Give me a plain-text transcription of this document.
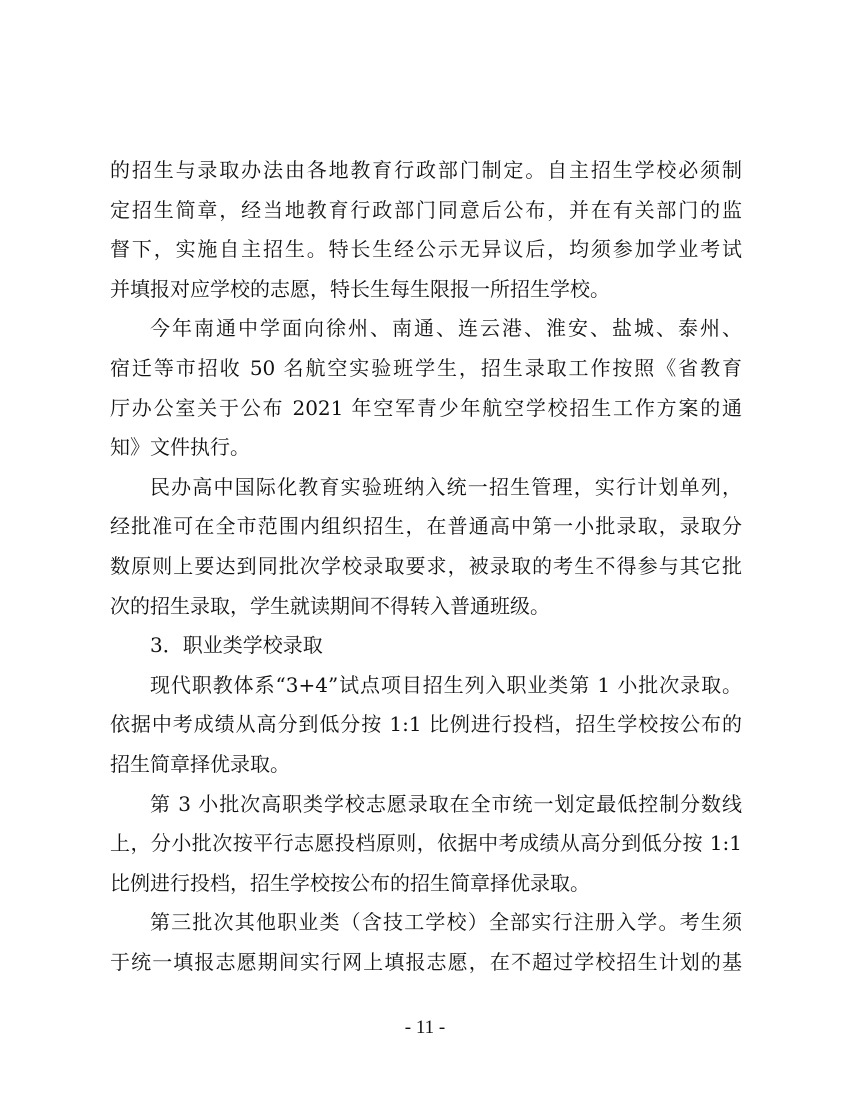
的招生与录取办法由各地教育行政部门制定。自主招生学校必须制
定招生简章，经当地教育行政部门同意后公布，并在有关部门的监
督下，实施自主招生。特长生经公示无异议后，均须参加学业考试
并填报对应学校的志愿，特长生每生限报一所招生学校。
今年南通中学面向徐州、南通、连云港、淮安、盐城、泰州、
宿迁等市招收 50 名航空实验班学生，招生录取工作按照《省教育
厅办公室关于公布 2021 年空军青少年航空学校招生工作方案的通
知》文件执行。
民办高中国际化教育实验班纳入统一招生管理，实行计划单列，
经批准可在全市范围内组织招生，在普通高中第一小批录取，录取分
数原则上要达到同批次学校录取要求，被录取的考生不得参与其它批
次的招生录取，学生就读期间不得转入普通班级。
3．职业类学校录取
现代职教体系“3+4”试点项目招生列入职业类第 1 小批次录取。
依据中考成绩从高分到低分按 1:1 比例进行投档，招生学校按公布的
招生简章择优录取。
第 3 小批次高职类学校志愿录取在全市统一划定最低控制分数线
上，分小批次按平行志愿投档原则，依据中考成绩从高分到低分按 1:1
比例进行投档，招生学校按公布的招生简章择优录取。
- 11 -
第三批次其他职业类（含技工学校）全部实行注册入学。考生须
于统一填报志愿期间实行网上填报志愿，在不超过学校招生计划的基
